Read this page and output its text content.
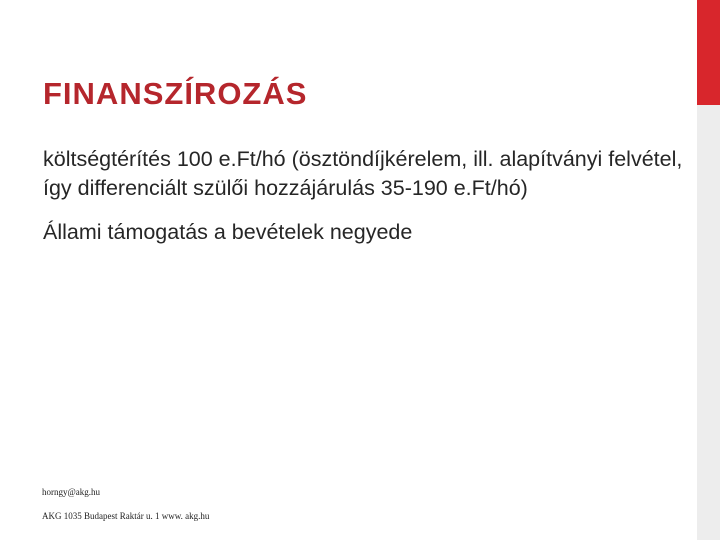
FINANSZÍROZÁS

költségtérítés 100 e.Ft/hó (ösztöndíjkérelem, ill. alapítványi felvétel, így differenciált szülői hozzájárulás 35-190 e.Ft/hó)

Állami támogatás a bevételek negyede

horngy@akg.hu
AKG 1035 Budapest Raktár u. 1 www. akg.hu
